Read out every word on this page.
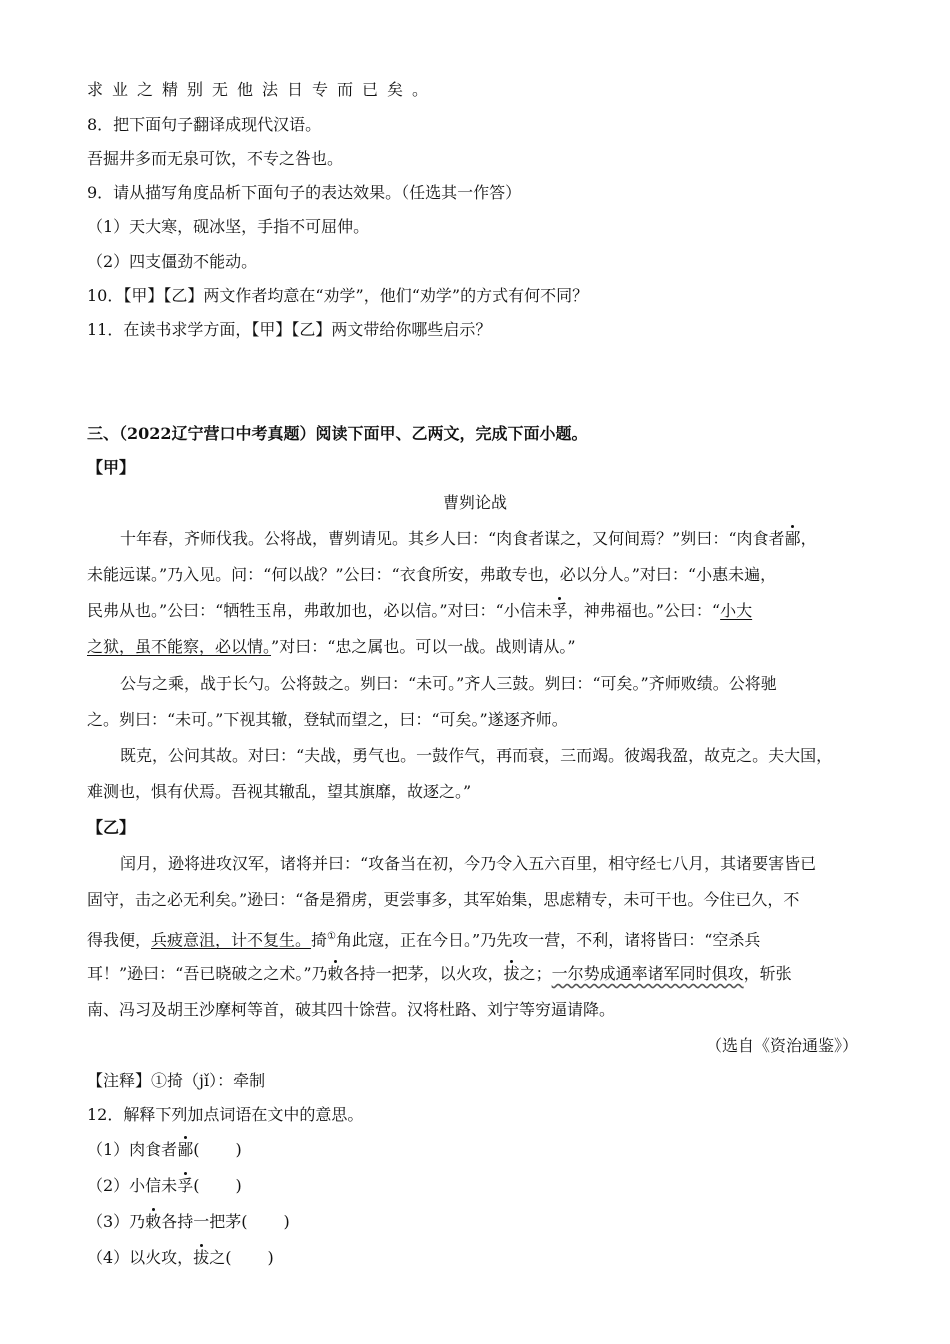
求业之精别无他法日专而已矣。
8．把下面句子翻译成现代汉语。
吾掘井多而无泉可饮，不专之咎也。
9．请从描写角度品析下面句子的表达效果。（任选其一作答）
（1）天大寒，砚冰坚，手指不可屈伸。
（2）四支僵劲不能动。
10．【甲】【乙】两文作者均意在“劝学”，他们“劝学”的方式有何不同？
11．在读书求学方面，【甲】【乙】两文带给你哪些启示？
三、（2022辽宁营口中考真题）阅读下面甲、乙两文，完成下面小题。
【甲】
曹刿论战
十年春，齐师伐我。公将战，曹刿请见。其乡人曰：“肉食者谋之，又何间焉？”刿曰：“肉食者鄙，
未能远谋。”乃入见。问：“何以战？”公曰：“衣食所安，弗敢专也，必以分人。”对曰：“小惠未遍，
民弗从也。”公曰：“牺牲玉帛，弗敢加也，必以信。”对曰：“小信未孚，神弗福也。”公曰：“小大
之狱，虽不能察，必以情。”对曰：“忠之属也。可以一战。战则请从。”
公与之乘，战于长勺。公将鼓之。刿曰：“未可。”齐人三鼓。刿曰：“可矣。”齐师败绩。公将驰
之。刿曰：“未可。”下视其辙，登轼而望之，曰：“可矣。”遂逐齐师。
既克，公问其故。对曰：“夫战，勇气也。一鼓作气，再而衰，三而竭。彼竭我盈，故克之。夫大国，
难测也，惧有伏焉。吾视其辙乱，望其旗靡，故逐之。”
【乙】
闰月，逊将进攻汉军，诸将并曰：“攻备当在初，今乃令入五六百里，相守经七八月，其诸要害皆已
固守，击之必无利矣。”逊曰：“备是猾虏，更尝事多，其军始集，思虑精专，未可干也。今住已久，不
得我便，兵疲意沮，计不复生。掎①角此寇，正在今日。”乃先攻一营，不利，诸将皆曰：“空杀兵
耳！”逊曰：“吾已晓破之之术。”乃敕各持一把茅，以火攻，拔之；一尔势成通率诸军同时俱攻，斩张
南、冯习及胡王沙摩柯等首，破其四十馀营。汉将杜路、刘宁等穷逼请降。
（选自《资治通鉴》）
【注释】①掎（jǐ）：牵制
12．解释下列加点词语在文中的意思。
（1）肉食者鄙( )
（2）小信未孚( )
（3）乃敕各持一把茅( )
（4）以火攻，拔之( )
